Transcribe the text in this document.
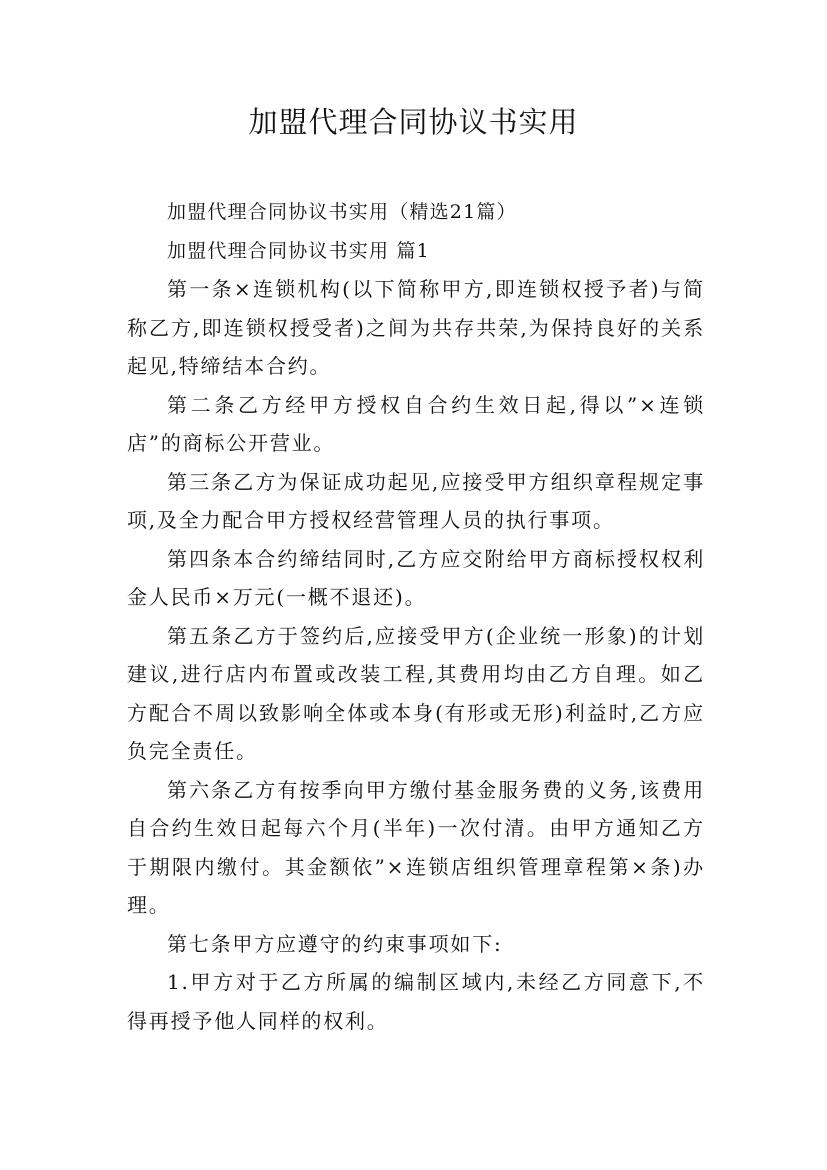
加盟代理合同协议书实用

加盟代理合同协议书实用（精选21篇）

加盟代理合同协议书实用 篇1

第一条×连锁机构(以下简称甲方,即连锁权授予者)与简称乙方,即连锁权授受者)之间为共存共荣,为保持良好的关系起见,特缔结本合约。

第二条乙方经甲方授权自合约生效日起,得以”×连锁店”的商标公开营业。

第三条乙方为保证成功起见,应接受甲方组织章程规定事项,及全力配合甲方授权经营管理人员的执行事项。

第四条本合约缔结同时,乙方应交附给甲方商标授权权利金人民币×万元(一概不退还)。

第五条乙方于签约后,应接受甲方(企业统一形象)的计划建议,进行店内布置或改装工程,其费用均由乙方自理。如乙方配合不周以致影响全体或本身(有形或无形)利益时,乙方应负完全责任。

第六条乙方有按季向甲方缴付基金服务费的义务,该费用自合约生效日起每六个月(半年)一次付清。由甲方通知乙方于期限内缴付。其金额依”×连锁店组织管理章程第×条)办理。

第七条甲方应遵守的约束事项如下:

1.甲方对于乙方所属的编制区域内,未经乙方同意下,不得再授予他人同样的权利。
